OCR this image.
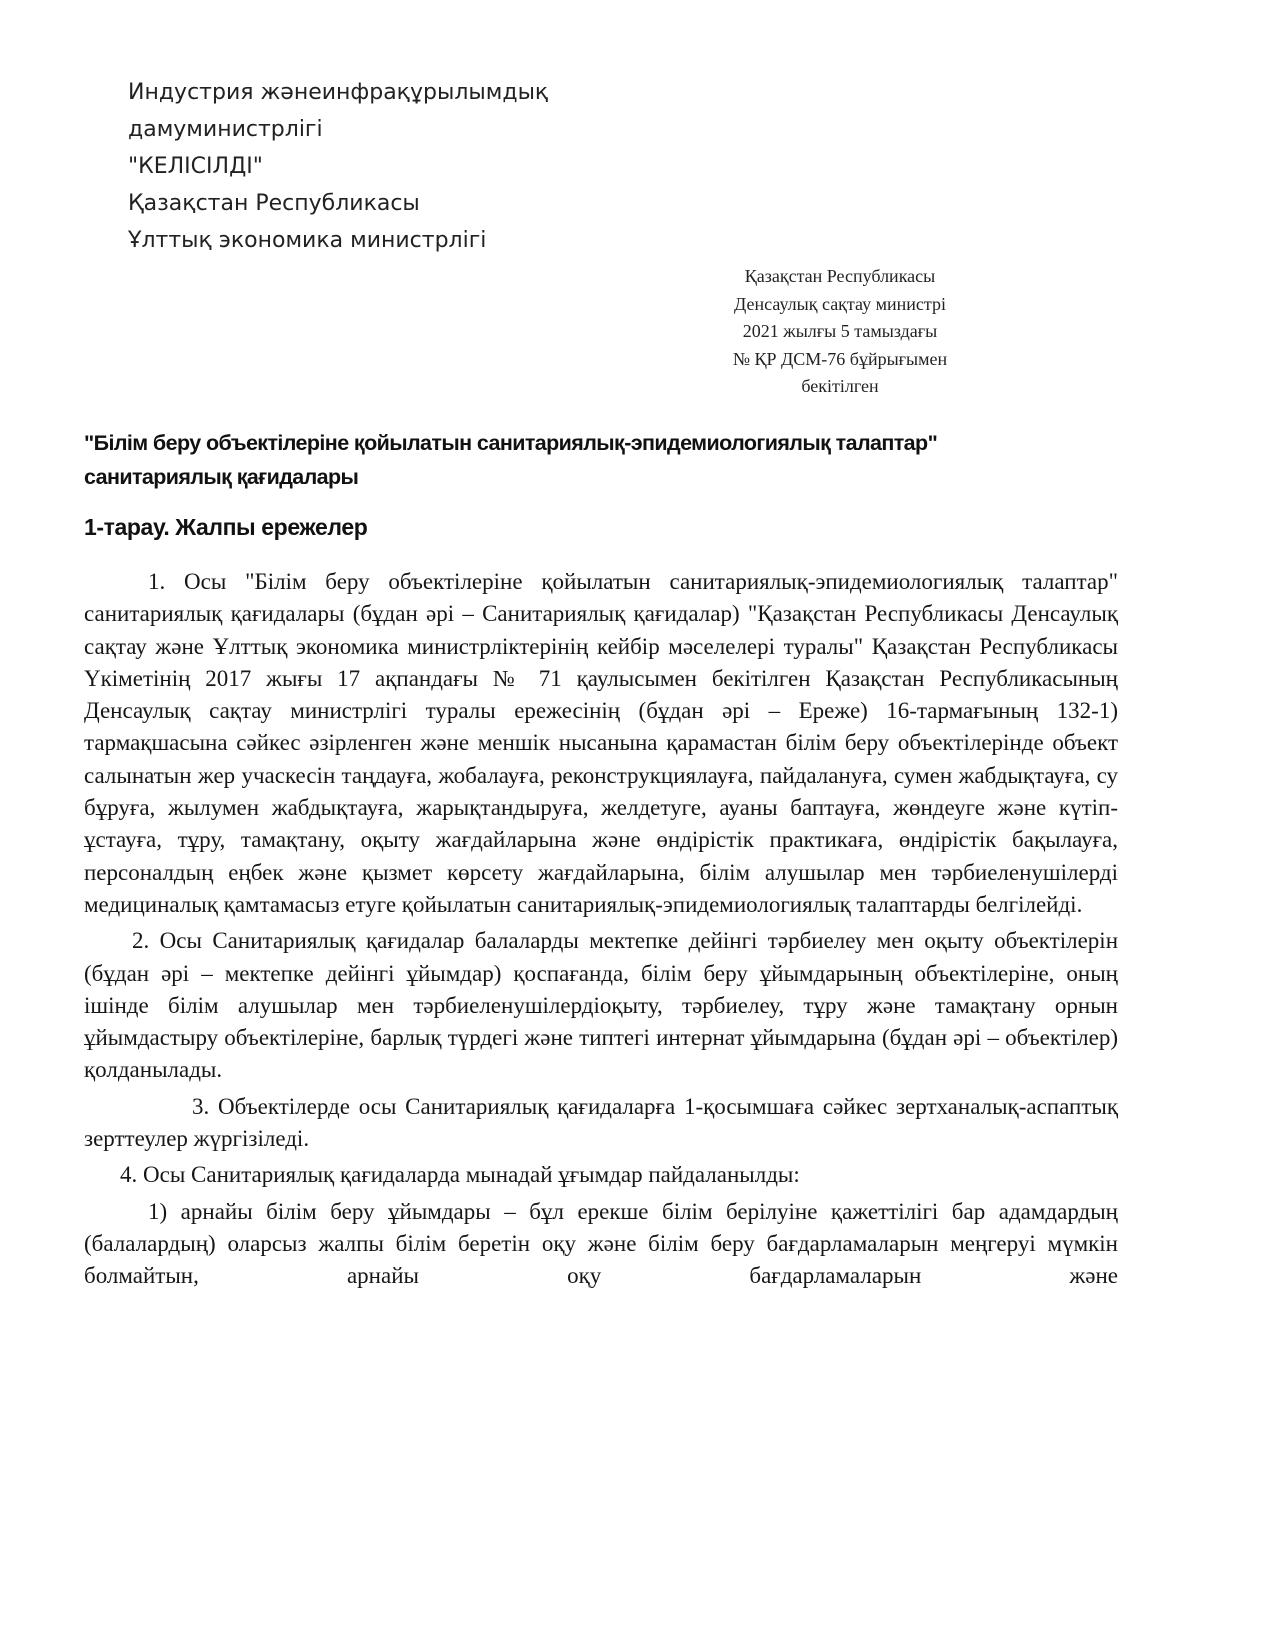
Индустрия жәнеинфрақұрылымдық
дамуминистрлігі
"КЕЛІСІЛДІ"
Қазақстан Республикасы
Ұлттық экономика министрлігі
Қазақстан Республикасы
Денсаулық сақтау министрі
2021 жылғы 5 тамыздағы
№ ҚР ДСМ-76 бұйрығымен
бекітілген
"Білім беру объектілеріне қойылатын санитариялық-эпидемиологиялық талаптар"
санитариялық қағидалары
1-тарау. Жалпы ережелер

1. Осы "Білім беру объектілеріне қойылатын санитариялық-эпидемиологиялық талаптар" санитариялық қағидалары (бұдан әрі – Санитариялық қағидалар) "Қазақстан Республикасы Денсаулық сақтау және Ұлттық экономика министрліктерінің кейбір мәселелері туралы" Қазақстан Республикасы Үкіметінің 2017 жығы 17 ақпандағы № 71 қаулысымен бекітілген Қазақстан Республикасының Денсаулық сақтау министрлігі туралы ережесінің (бұдан әрі – Ереже) 16-тармағының 132-1) тармақшасына сәйкес әзірленген және меншік нысанына қарамастан білім беру объектілерінде объект салынатын жер учаскесін таңдауға, жобалауға, реконструкциялауға, пайдалануға, сумен жабдықтауға, су бұруға, жылумен жабдықтауға, жарықтандыруға, желдетуге, ауаны баптауға, жөндеуге және күтіп-ұстауға, тұру, тамақтану, оқыту жағдайларына және өндірістік практикаға, өндірістік бақылауға, персоналдың еңбек және қызмет көрсету жағдайларына, білім алушылар мен тәрбиеленушілерді медициналық қамтамасыз етуге қойылатын санитариялық-эпидемиологиялық талаптарды белгілейді.

2. Осы Санитариялық қағидалар балаларды мектепке дейінгі тәрбиелеу мен оқыту объектілерін (бұдан әрі – мектепке дейінгі ұйымдар) қоспағанда, білім беру ұйымдарының объектілеріне, оның ішінде білім алушылар мен тәрбиеленушілердіоқыту, тәрбиелеу, тұру және тамақтану орнын ұйымдастыру объектілеріне, барлық түрдегі және типтегі интернат ұйымдарына (бұдан әрі – объектілер) қолданылады.

3. Объектілерде осы Санитариялық қағидаларға 1-қосымшаға сәйкес зертханалық-аспаптық зерттеулер жүргізіледі.

4. Осы Санитариялық қағидаларда мынадай ұғымдар пайдаланылды:

1) арнайы білім беру ұйымдары – бұл ерекше білім берілуіне қажеттілігі бар адамдардың (балалардың) оларсыз жалпы білім беретін оқу және білім беру бағдарламаларын меңгеруі мүмкін болмайтын, арнайы оқу бағдарламаларын және
